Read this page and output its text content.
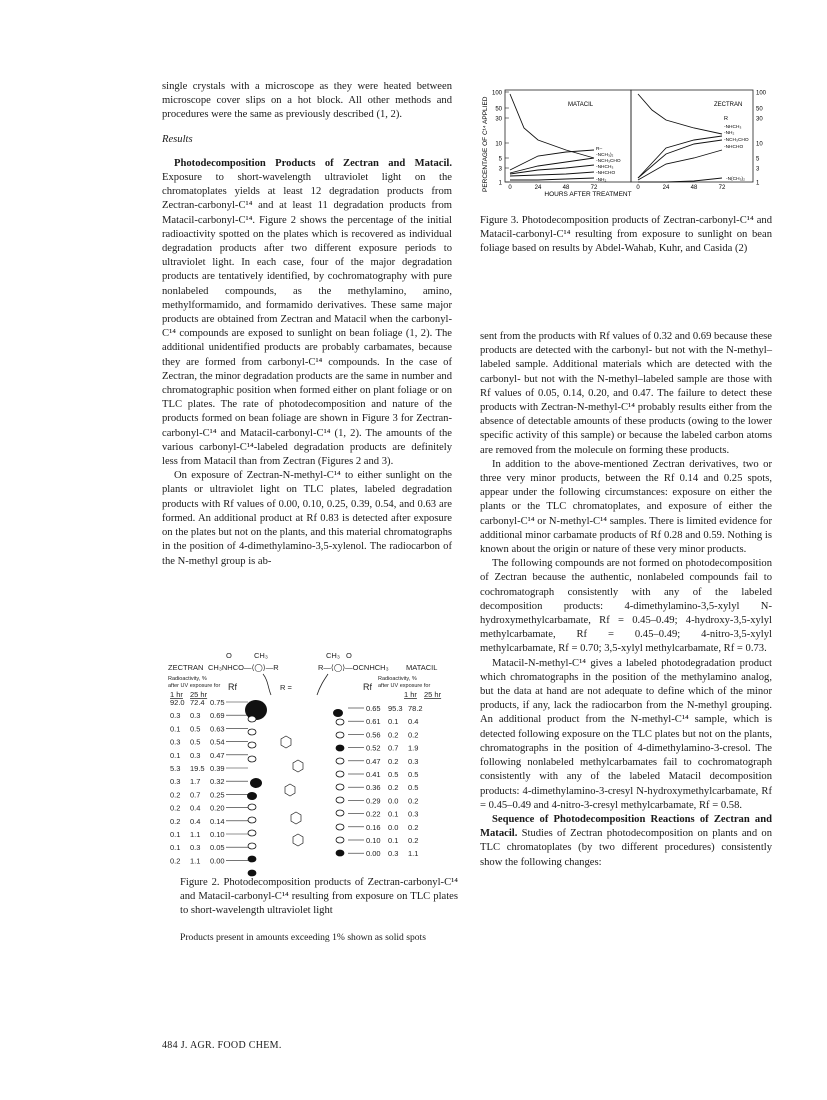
single crystals with a microscope as they were heated between microscope cover slips on a hot block. All other methods and procedures were the same as previously described (1, 2).

Results

Photodecomposition Products of Zectran and Matacil. Exposure to short-wavelength ultraviolet light on the chromatoplates yields at least 12 degradation products from Zectran-carbonyl-C¹⁴ and at least 11 degradation products from Matacil-carbonyl-C¹⁴. Figure 2 shows the percentage of the initial radioactivity spotted on the plates which is recovered as individual degradation products after two different exposure periods to ultraviolet light. In each case, four of the major degradation products are tentatively identified, by cochromatography with pure nonlabeled compounds, as the methylamino, amino, methylformamido, and formamido derivatives. These same major products are obtained from Zectran and Matacil when the carbonyl-C¹⁴ compounds are exposed to sunlight on bean foliage (1, 2). The additional unidentified products are probably carbamates, because they are formed from carbonyl-C¹⁴ compounds. In the case of Zectran, the minor degradation products are the same in number and chromatographic position when formed either on plant foliage or on TLC plates. The rate of photodecomposition and nature of the products formed on bean foliage are shown in Figure 3 for Zectran-carbonyl-C¹⁴ and Matacil-carbonyl-C¹⁴ (1, 2). The amounts of the various carbonyl-C¹⁴-labeled degradation products are definitely less from Matacil than from Zectran (Figures 2 and 3).

On exposure of Zectran-N-methyl-C¹⁴ to either sunlight on the plants or ultraviolet light on TLC plates, labeled degradation products with Rf values of 0.00, 0.10, 0.25, 0.39, 0.54, and 0.63 are formed. An additional product at Rf 0.83 is detected after exposure on the plates but not on the plants, and this material chromatographs in the position of 4-dimethylamino-3,5-xylenol. The radiocarbon of the N-methyl group is ab-

O	CH₃	CH₃ O
ZECTRAN CH₃NHCO—⟨◯⟩—R	R—⟨◯⟩—OCNHCH₃ MATACIL
Radioactivity, %
after UV exposure for
Radioactivity, %
after UV exposure for
R =
Rf	Rf
1 hr 25 hr	1 hr 25 hr
92.0 72.4 0.75
0.3 0.3 0.69
0.1 0.5 0.63
0.3 0.5 0.54
0.1 0.3 0.47
5.3 19.5 0.39
0.3 1.7 0.32
0.2 0.7 0.25
0.2 0.4 0.20
0.2 0.4 0.14
0.1 1.1 0.10
0.1 0.3 0.05
0.2 1.1 0.00
0.65 95.3 78.2
0.61 0.1 0.4
0.56 0.2 0.2
0.52 0.7 1.9
0.47 0.2 0.3
0.41 0.5 0.5
0.36 0.2 0.5
0.29 0.0 0.2
0.22 0.1 0.3
0.16 0.0 0.2
0.10 0.1 0.2
0.00 0.3 1.1
Figure 2. Photodecomposition products of Zectran-carbonyl-C¹⁴ and Matacil-carbonyl-C¹⁴ resulting from exposure on TLC plates to short-wavelength ultraviolet light
Products present in amounts exceeding 1% shown as solid spots
PERCENTAGE OF C¹⁴ APPLIED
HOURS AFTER TREATMENT
MATACIL	ZECTRAN
R
100	100
50	50
30	30
10	10
5	5
3	3
1	1
0	0
24	24
48	48
72	72
R–
-NCH₃)₂
-NCH₃CHO
-NHCH₃
-NHCHO
-NH₂
-NHCH₃
-NH₂
-NCH₃CHO
-NHCHO
-N(CH₃)₂
Figure 3. Photodecomposition products of Zectran-carbonyl-C¹⁴ and Matacil-carbonyl-C¹⁴ resulting from exposure to sunlight on bean foliage based on results by Abdel-Wahab, Kuhr, and Casida (2)

sent from the products with Rf values of 0.32 and 0.69 because these products are detected with the carbonyl- but not with the N-methyl–labeled sample. Additional materials which are detected with the carbonyl- but not with the N-methyl–labeled sample are those with Rf values of 0.05, 0.14, 0.20, and 0.47. The failure to detect these products with Zectran-N-methyl-C¹⁴ probably results either from the absence of detectable amounts of these products (owing to the lower specific activity of this sample) or because the labeled carbon atoms are removed from the molecule on forming these products.

In addition to the above-mentioned Zectran derivatives, two or three very minor products, between the Rf 0.14 and 0.25 spots, appear under the following circumstances: exposure on either the plants or the TLC chromatoplates, and exposure of either the carbonyl-C¹⁴ or N-methyl-C¹⁴ samples. There is limited evidence for additional minor carbamate products of Rf 0.28 and 0.59. Nothing is known about the origin or nature of these very minor products.

The following compounds are not formed on photodecomposition of Zectran because the authentic, nonlabeled compounds fail to cochromatograph consistently with any of the labeled decomposition products: 4-dimethylamino-3,5-xylyl N-hydroxymethylcarbamate, Rf = 0.45–0.49; 4-hydroxy-3,5-xylyl methylcarbamate, Rf = 0.45–0.49; 4-nitro-3,5-xylyl methylcarbamate, Rf = 0.70; 3,5-xylyl methylcarbamate, Rf = 0.73.

Matacil-N-methyl-C¹⁴ gives a labeled photodegradation product which chromatographs in the position of the methylamino analog, but the data at hand are not adequate to define which of the minor products, if any, lack the radiocarbon from the N-methyl grouping. An additional product from the N-methyl-C¹⁴ sample, which is detected following exposure on the TLC plates but not on the plants, chromatographs in the position of 4-dimethylamino-3-cresol. The following nonlabeled methylcarbamates fail to cochromatograph consistently with any of the labeled Matacil decomposition products: 4-dimethylamino-3-cresyl N-hydroxymethylcarbamate, Rf = 0.45–0.49 and 4-nitro-3-cresyl methylcarbamate, Rf = 0.58.

Sequence of Photodecomposition Reactions of Zectran and Matacil. Studies of Zectran photodecomposition on plants and on TLC chromatoplates (by two different procedures) consistently show the following changes:

484 J. AGR. FOOD CHEM.
